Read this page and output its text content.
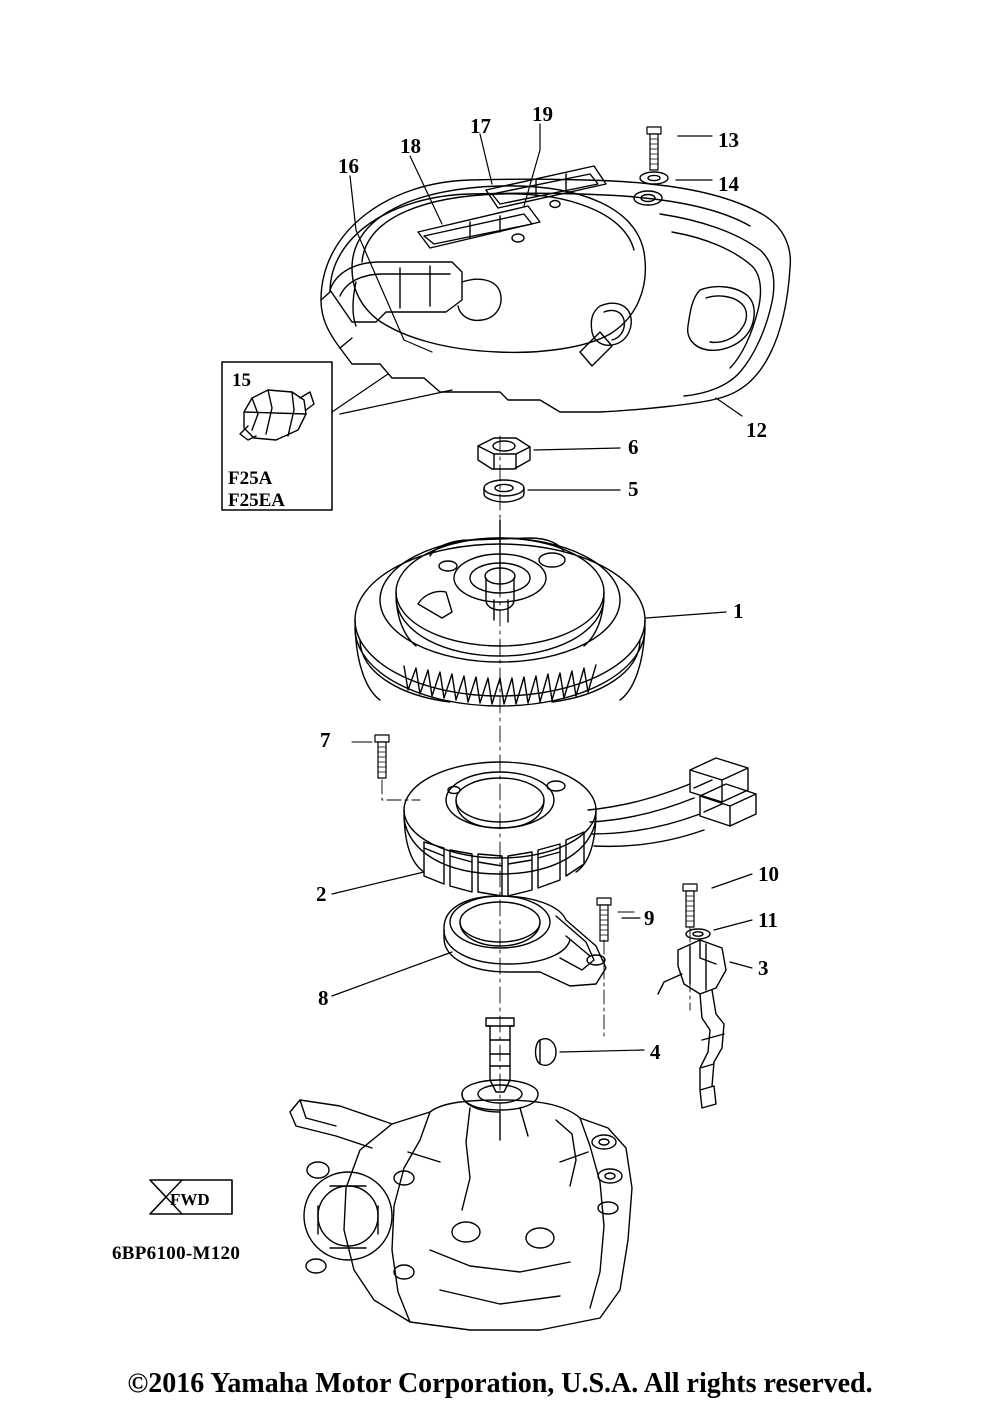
13
14
19
17
18
16
12
6
5
1
7
2
10
11
9
3
8
4
15
F25A
F25EA
FWD
6BP6100-M120
©2016 Yamaha Motor Corporation, U.S.A. All rights reserved.
